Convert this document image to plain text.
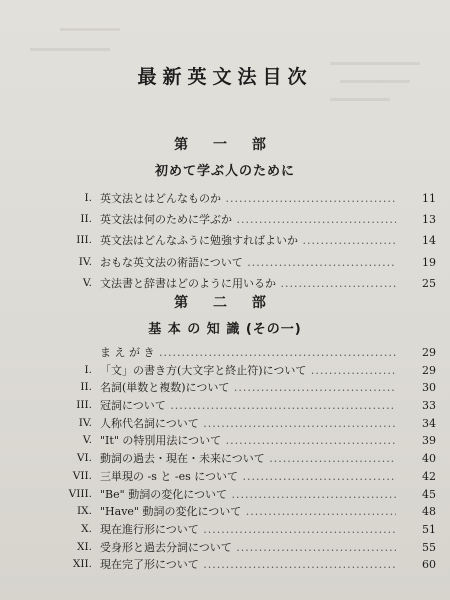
最新英文法目次
第 一 部
初めて学ぶ人のために
I. 英文法とはどんなものか .....	11
II. 英文法は何のために学ぶか .....	13
III. 英文法はどんなふうに勉強すればよいか .....	14
IV. おもな英文法の術語について .....	19
V. 文法書と辞書はどのように用いるか .....	25
第 二 部
基 本 の 知 識 (その一)
ま え が き .....	29
I. 「文」の書き方(大文字と終止符)について .....	29
II. 名詞(単数と複数)について .....	30
III. 冠詞について .....	33
IV. 人称代名詞について .....	34
V. "It" の特別用法について .....	39
VI. 動詞の過去・現在・未来について .....	40
VII. 三単現の -s と -es について .....	42
VIII. "Be" 動詞の変化について .....	45
IX. "Have" 動詞の変化について .....	48
X. 現在進行形について .....	51
XI. 受身形と過去分詞について .....	55
XII. 現在完了形について .....	60
